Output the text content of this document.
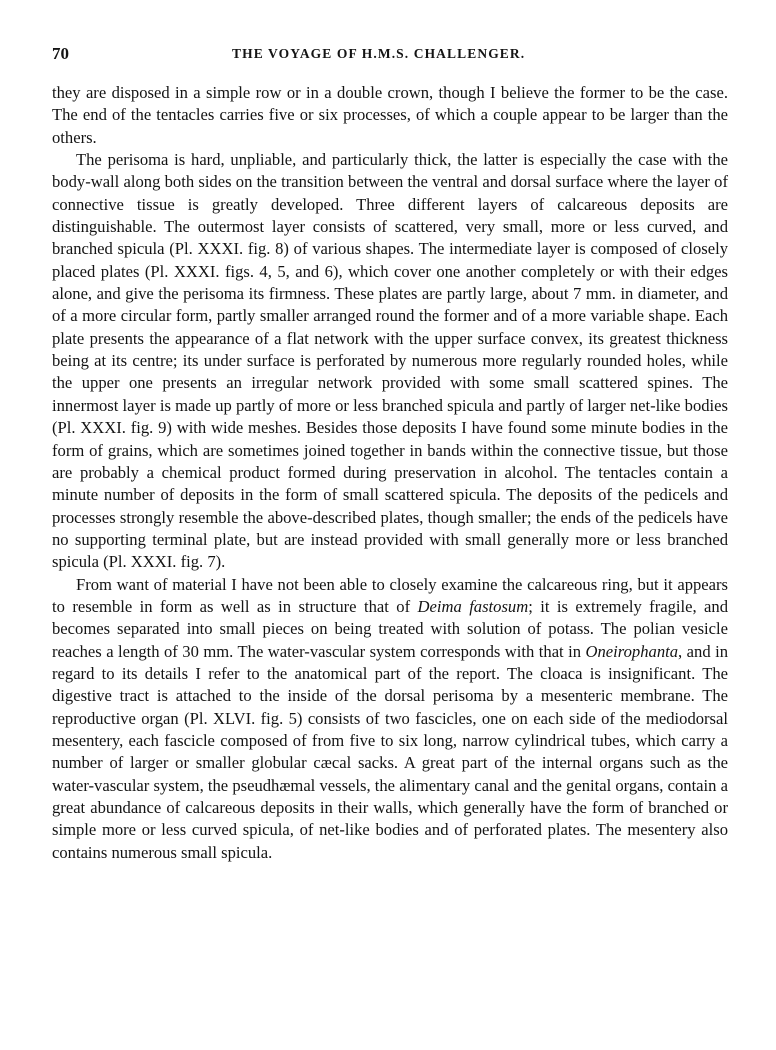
70	THE VOYAGE OF H.M.S. CHALLENGER.

they are disposed in a simple row or in a double crown, though I believe the former to be the case. The end of the tentacles carries five or six processes, of which a couple appear to be larger than the others.

The perisoma is hard, unpliable, and particularly thick, the latter is especially the case with the body-wall along both sides on the transition between the ventral and dorsal surface where the layer of connective tissue is greatly developed. Three different layers of calcareous deposits are distinguishable. The outermost layer consists of scattered, very small, more or less curved, and branched spicula (Pl. XXXI. fig. 8) of various shapes. The intermediate layer is composed of closely placed plates (Pl. XXXI. figs. 4, 5, and 6), which cover one another completely or with their edges alone, and give the perisoma its firmness. These plates are partly large, about 7 mm. in diameter, and of a more circular form, partly smaller arranged round the former and of a more variable shape. Each plate presents the appearance of a flat network with the upper surface convex, its greatest thickness being at its centre; its under surface is perforated by numerous more regularly rounded holes, while the upper one presents an irregular network provided with some small scattered spines. The innermost layer is made up partly of more or less branched spicula and partly of larger net-like bodies (Pl. XXXI. fig. 9) with wide meshes. Besides those deposits I have found some minute bodies in the form of grains, which are sometimes joined together in bands within the connective tissue, but those are probably a chemical product formed during preservation in alcohol. The tentacles contain a minute number of deposits in the form of small scattered spicula. The deposits of the pedicels and processes strongly resemble the above-described plates, though smaller; the ends of the pedicels have no supporting terminal plate, but are instead provided with small generally more or less branched spicula (Pl. XXXI. fig. 7).

From want of material I have not been able to closely examine the calcareous ring, but it appears to resemble in form as well as in structure that of Deima fastosum; it is extremely fragile, and becomes separated into small pieces on being treated with solution of potass. The polian vesicle reaches a length of 30 mm. The water-vascular system corresponds with that in Oneirophanta, and in regard to its details I refer to the anatomical part of the report. The cloaca is insignificant. The digestive tract is attached to the inside of the dorsal perisoma by a mesenteric membrane. The reproductive organ (Pl. XLVI. fig. 5) consists of two fascicles, one on each side of the mediodorsal mesentery, each fascicle composed of from five to six long, narrow cylindrical tubes, which carry a number of larger or smaller globular cæcal sacks. A great part of the internal organs such as the water-vascular system, the pseudhæmal vessels, the alimentary canal and the genital organs, contain a great abundance of calcareous deposits in their walls, which generally have the form of branched or simple more or less curved spicula, of net-like bodies and of perforated plates. The mesentery also contains numerous small spicula.
